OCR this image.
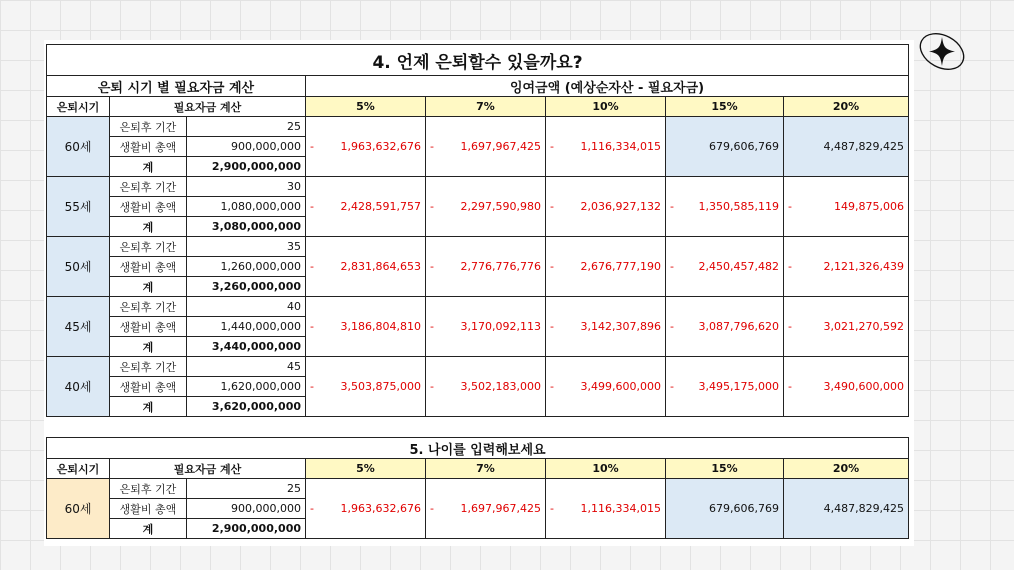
4. 언제 은퇴할수 있을까요?							
은퇴 시기 별 필요자금 계산			잉여금액 (예상순자산 - 필요자금)				
은퇴시기	필요자금 계산		5%	7%	10%	15%	20%
60세	은퇴후 기간	25	- 1,963,632,676	- 1,697,967,425	- 1,116,334,015	679,606,769	4,487,829,425
	생활비 총액	900,000,000					
	계	2,900,000,000					
55세	은퇴후 기간	30	- 2,428,591,757	- 2,297,590,980	- 2,036,927,132	- 1,350,585,119	- 149,875,006
	생활비 총액	1,080,000,000					
	계	3,080,000,000					
50세	은퇴후 기간	35	- 2,831,864,653	- 2,776,776,776	- 2,676,777,190	- 2,450,457,482	- 2,121,326,439
	생활비 총액	1,260,000,000					
	계	3,260,000,000					
45세	은퇴후 기간	40	- 3,186,804,810	- 3,170,092,113	- 3,142,307,896	- 3,087,796,620	- 3,021,270,592
	생활비 총액	1,440,000,000					
	계	3,440,000,000					
40세	은퇴후 기간	45	- 3,503,875,000	- 3,502,183,000	- 3,499,600,000	- 3,495,175,000	- 3,490,600,000
	생활비 총액	1,620,000,000					
	계	3,620,000,000					
5. 나이를 입력해보세요							
은퇴시기	필요자금 계산		5%	7%	10%	15%	20%
60세	은퇴후 기간	25	- 1,963,632,676	- 1,697,967,425	- 1,116,334,015	679,606,769	4,487,829,425
	생활비 총액	900,000,000					
	계	2,900,000,000					
